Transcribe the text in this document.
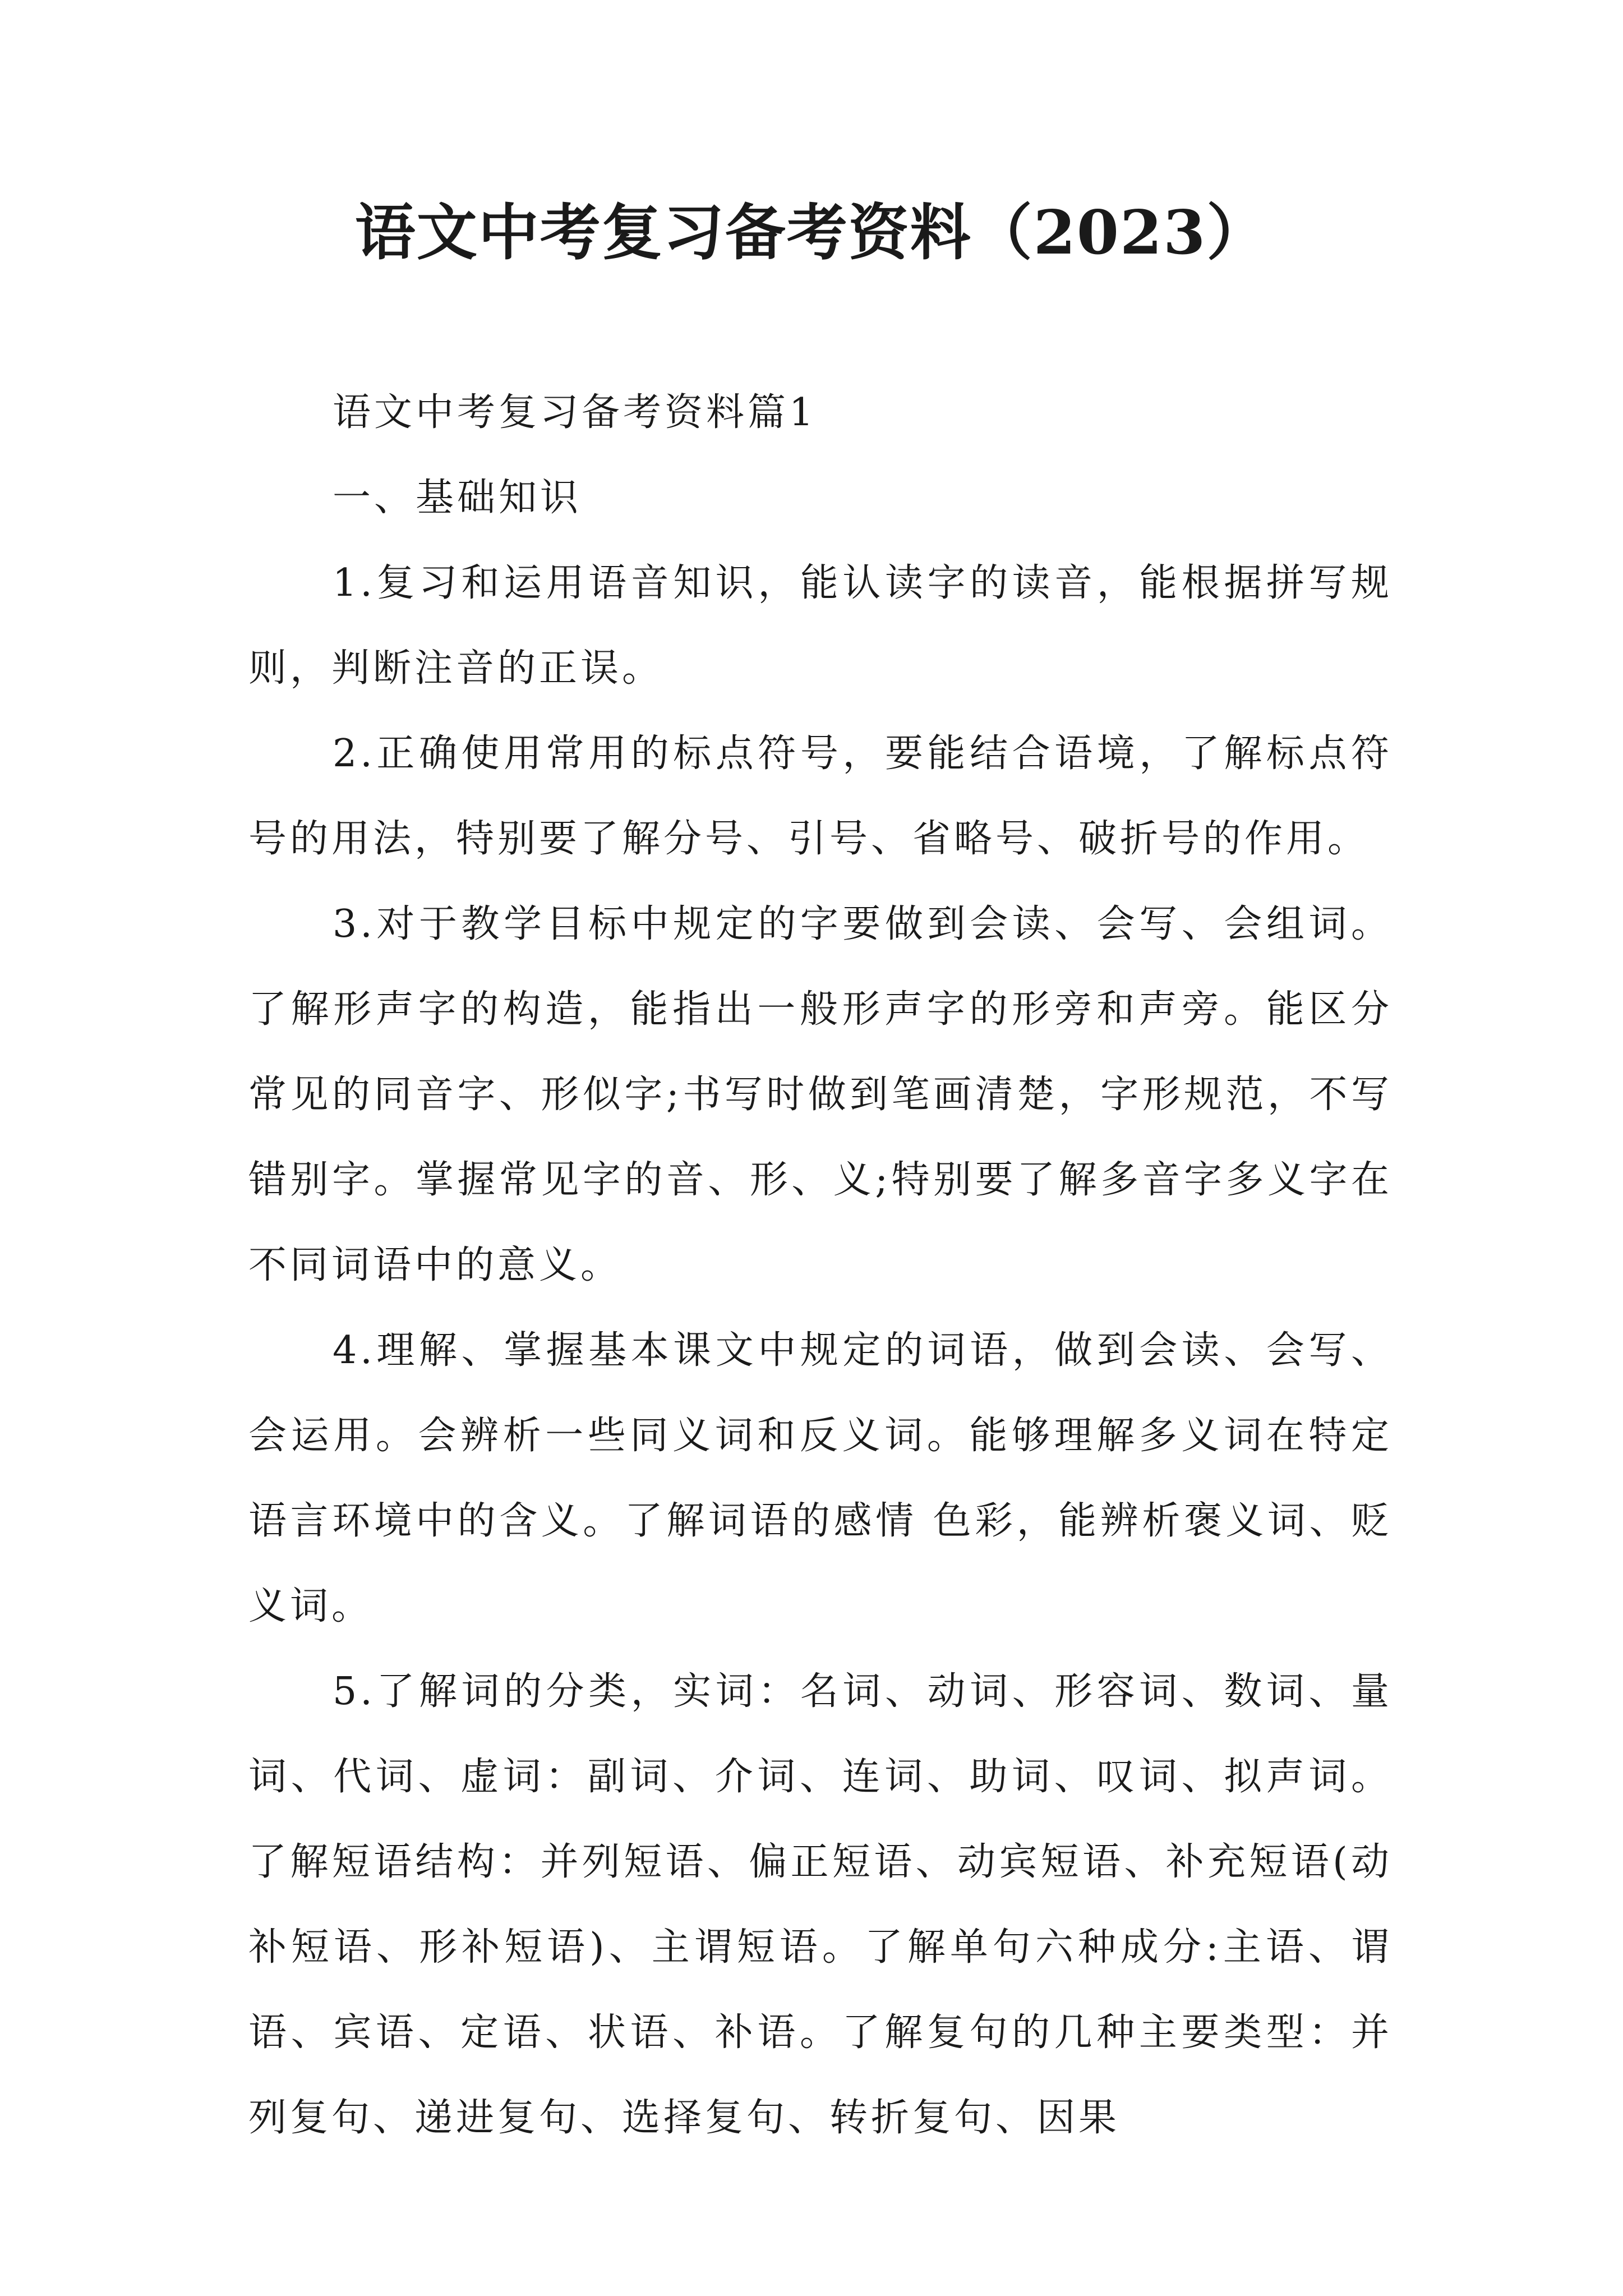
语文中考复习备考资料（2023）

语文中考复习备考资料篇1

一、基础知识

1.复习和运用语音知识，能认读字的读音，能根据拼写规则，判断注音的正误。

2.正确使用常用的标点符号，要能结合语境，了解标点符号的用法，特别要了解分号、引号、省略号、破折号的作用。

3.对于教学目标中规定的字要做到会读、会写、会组词。了解形声字的构造，能指出一般形声字的形旁和声旁。能区分常见的同音字、形似字;书写时做到笔画清楚，字形规范，不写错别字。掌握常见字的音、形、义;特别要了解多音字多义字在不同词语中的意义。

4.理解、掌握基本课文中规定的词语，做到会读、会写、会运用。会辨析一些同义词和反义词。能够理解多义词在特定语言环境中的含义。了解词语的感情 色彩，能辨析褒义词、贬义词。

5.了解词的分类，实词：名词、动词、形容词、数词、量词、代词、虚词：副词、介词、连词、助词、叹词、拟声词。了解短语结构：并列短语、偏正短语、动宾短语、补充短语(动补短语、形补短语)、主谓短语。了解单句六种成分:主语、谓语、宾语、定语、状语、补语。了解复句的几种主要类型：并列复句、递进复句、选择复句、转折复句、因果
